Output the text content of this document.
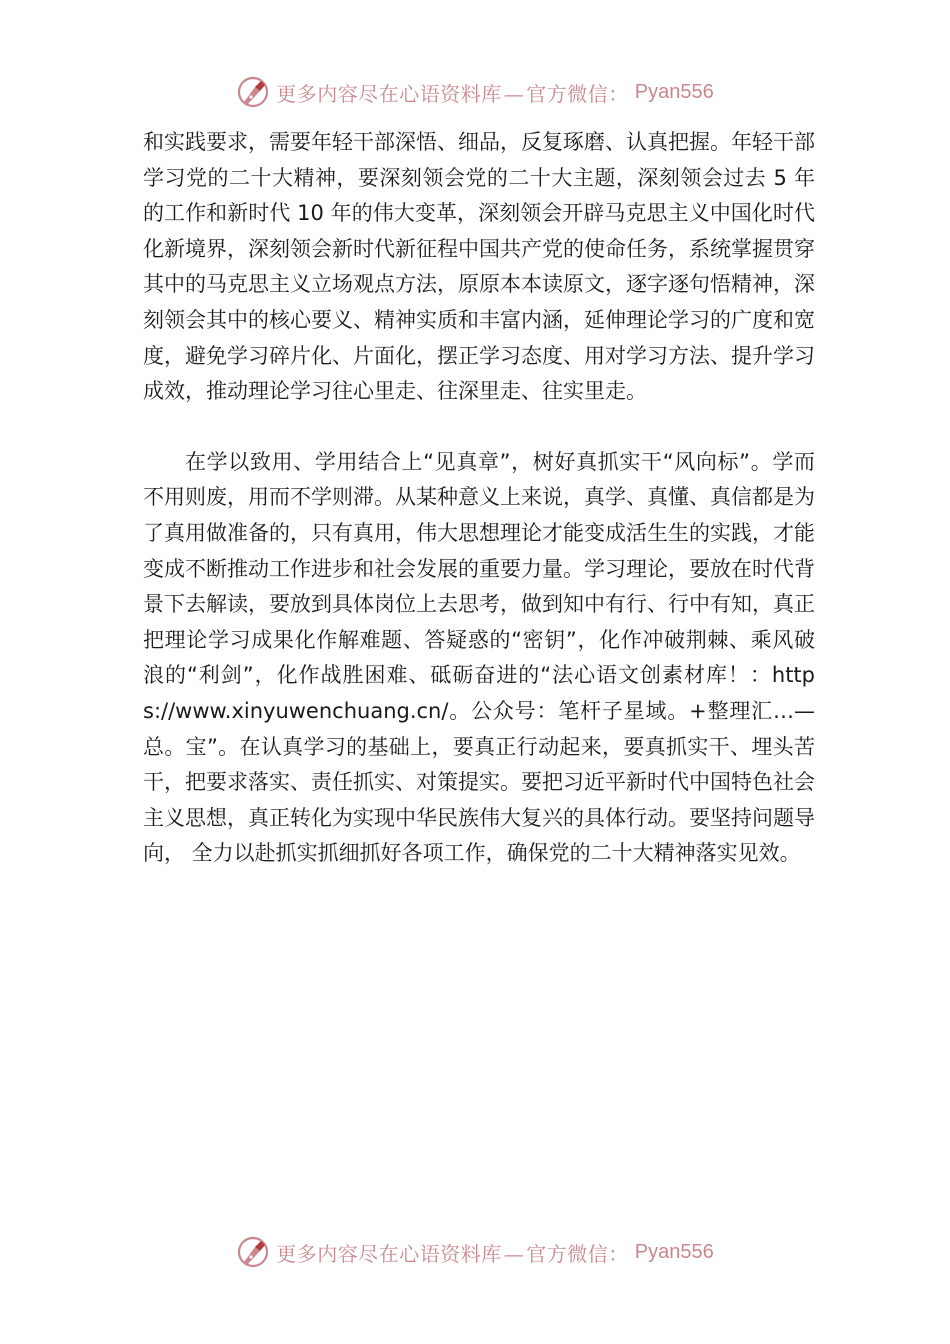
更多内容尽在心语资料库 — 官方微信： Pyan556

和实践要求，需要年轻干部深悟、细品，反复琢磨、认真把握。年轻干部学习党的二十大精神，要深刻领会党的二十大主题，深刻领会过去 5 年的工作和新时代 10 年的伟大变革，深刻领会开辟马克思主义中国化时代化新境界，深刻领会新时代新征程中国共产党的使命任务，系统掌握贯穿其中的马克思主义立场观点方法，原原本本读原文，逐字逐句悟精神，深刻领会其中的核心要义、精神实质和丰富内涵，延伸理论学习的广度和宽度，避免学习碎片化、片面化，摆正学习态度、用对学习方法、提升学习成效，推动理论学习往心里走、往深里走、往实里走。

在学以致用、学用结合上“见真章”，树好真抓实干“风向标”。学而不用则废，用而不学则滞。从某种意义上来说，真学、真懂、真信都是为了真用做准备的，只有真用，伟大思想理论才能变成活生生的实践，才能变成不断推动工作进步和社会发展的重要力量。学习理论，要放在时代背景下去解读，要放到具体岗位上去思考，做到知中有行、行中有知，真正把理论学习成果化作解难题、答疑惑的“密钥”，化作冲破荆棘、乘风破浪的“利剑”，化作战胜困难、砥砺奋进的“法心语文创素材库！：https://www.xinyuwenchuang.cn/。公众号：笔杆子星域。+整理汇…—总。宝”。在认真学习的基础上，要真正行动起来，要真抓实干、埋头苦干，把要求落实、责任抓实、对策提实。要把习近平新时代中国特色社会主义思想，真正转化为实现中华民族伟大复兴的具体行动。要坚持问题导向， 全力以赴抓实抓细抓好各项工作，确保党的二十大精神落实见效。

更多内容尽在心语资料库 — 官方微信： Pyan556
